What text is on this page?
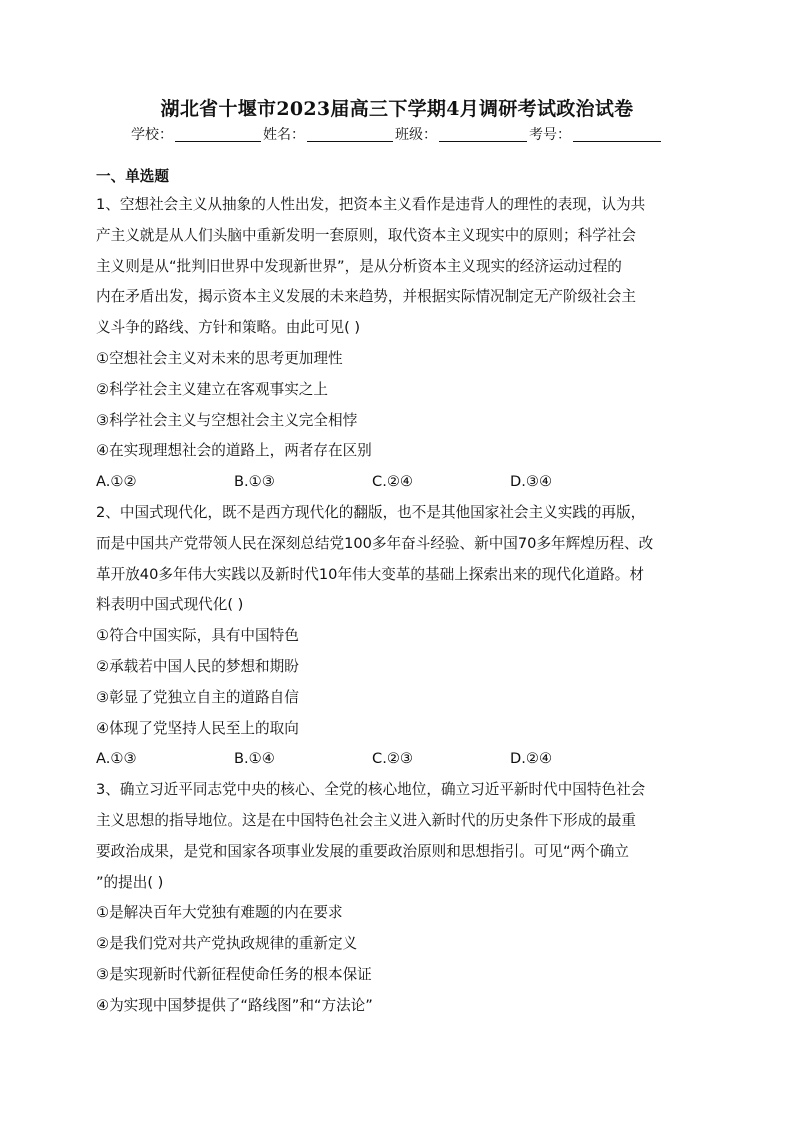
湖北省十堰市2023届高三下学期4月调研考试政治试卷
学校：	姓名：	班级：	考号：
一、单选题
1、空想社会主义从抽象的人性出发，把资本主义看作是违背人的理性的表现，认为共
产主义就是从人们头脑中重新发明一套原则，取代资本主义现实中的原则；科学社会
主义则是从“批判旧世界中发现新世界”，是从分析资本主义现实的经济运动过程的
内在矛盾出发，揭示资本主义发展的未来趋势，并根据实际情况制定无产阶级社会主
义斗争的路线、方针和策略。由此可见( )
①空想社会主义对未来的思考更加理性
②科学社会主义建立在客观事实之上
③科学社会主义与空想社会主义完全相悖
④在实现理想社会的道路上，两者存在区别
A.①②	B.①③	C.②④	D.③④
2、中国式现代化，既不是西方现代化的翻版，也不是其他国家社会主义实践的再版，
而是中国共产党带领人民在深刻总结党100多年奋斗经验、新中国70多年辉煌历程、改
革开放40多年伟大实践以及新时代10年伟大变革的基础上探索出来的现代化道路。材
料表明中国式现代化( )
①符合中国实际，具有中国特色
②承载若中国人民的梦想和期盼
③彰显了党独立自主的道路自信
④体现了党坚持人民至上的取向
A.①③	B.①④	C.②③	D.②④
3、确立习近平同志党中央的核心、全党的核心地位，确立习近平新时代中国特色社会
主义思想的指导地位。这是在中国特色社会主义进入新时代的历史条件下形成的最重
要政治成果，是党和国家各项事业发展的重要政治原则和思想指引。可见“两个确立
”的提出( )
①是解决百年大党独有难题的内在要求
②是我们党对共产党执政规律的重新定义
③是实现新时代新征程使命任务的根本保证
④为实现中国梦提供了“路线图”和“方法论”
